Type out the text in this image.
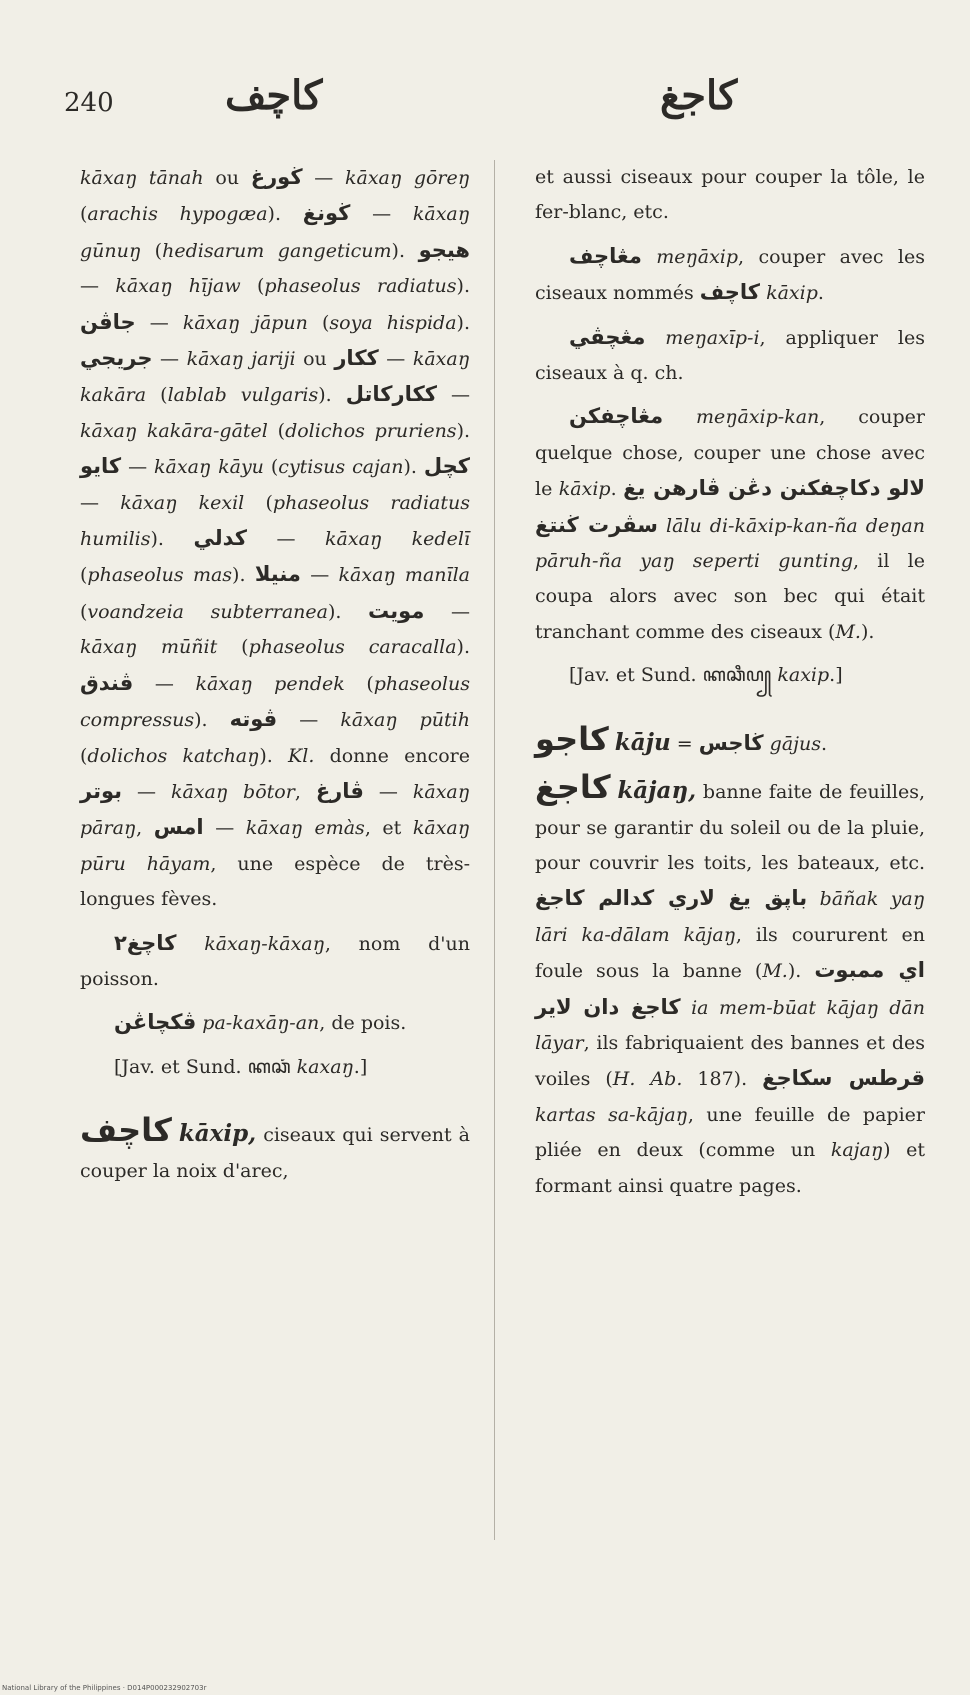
240	كاچف	كاجغ

kāxaŋ tānah ou ڬورغ — kāxaŋ gōreŋ (arachis hypogæa). ڬونغ — kāxaŋ gūnuŋ (hedisarum gangeticum). هيجو — kāxaŋ hījaw (phaseolus radiatus). جاڤن — kāxaŋ jāpun (soya hispida). جريجي — kāxaŋ jariji ou ككار — kāxaŋ kakāra (lablab vulgaris). ككاركاتل — kāxaŋ kakāra-gātel (dolichos pruriens). كايو — kāxaŋ kāyu (cytisus cajan). كچل — kāxaŋ kexil (phaseolus radiatus humilis). كدلي — kāxaŋ kedelī (phaseolus mas). منيلا — kāxaŋ manīla (voandzeia subterranea). مويت — kāxaŋ mūñit (phaseolus caracalla). ڤندق — kāxaŋ pendek (phaseolus compressus). ڤوته — kāxaŋ pūtih (dolichos katchaŋ). Kl. donne encore بوتر — kāxaŋ bōtor, ڤارغ — kāxaŋ pāraŋ, امس — kāxaŋ emàs, et kāxaŋ pūru hāyam, une espèce de très-longues fèves.

كاچغ٢ kāxaŋ-kāxaŋ, nom d'un poisson.

ڤكچاڠن pa-kaxāŋ-an, de pois.

[Jav. et Sund. ꦏꦕꦁ kaxaŋ.]

كاچف kāxip, ciseaux qui servent à couper la noix d'arec,

et aussi ciseaux pour couper la tôle, le fer-blanc, etc.

مڠاچف meŋāxip, couper avec les ciseaux nommés كاچف kāxip.

مڠچڤي meŋaxīp-i, appliquer les ciseaux à q. ch.

مڠاچفكن meŋāxip-kan, couper quelque chose, couper une chose avec le kāxip. لالو دكاچفكنن دڠن ڤارهن يغ سڤرت ڬنتغ lālu di-kāxip-kan-ña deŋan pāruh-ña yaŋ seperti gunting, il le coupa alors avec son bec qui était tranchant comme des ciseaux (M.).

[Jav. et Sund. ꦏꦕꦶꦥ꧀ kaxip.]

كاجو kāju = ڬاجس gājus.

كاجغ kājaŋ, banne faite de feuilles, pour se garantir du soleil ou de la pluie, pour couvrir les toits, les bateaux, etc. باڽق يغ لاري كدالم كاجغ bāñak yaŋ lāri ka-dālam kājaŋ, ils coururent en foule sous la banne (M.). اي ممبوت كاجغ دان لاير ia mem-būat kājaŋ dān lāyar, ils fabriquaient des bannes et des voiles (H. Ab. 187). قرطس سكاجغ kartas sa-kājaŋ, une feuille de papier pliée en deux (comme un kajaŋ) et formant ainsi quatre pages.

National Library of the Philippines · D014P000232902703r
